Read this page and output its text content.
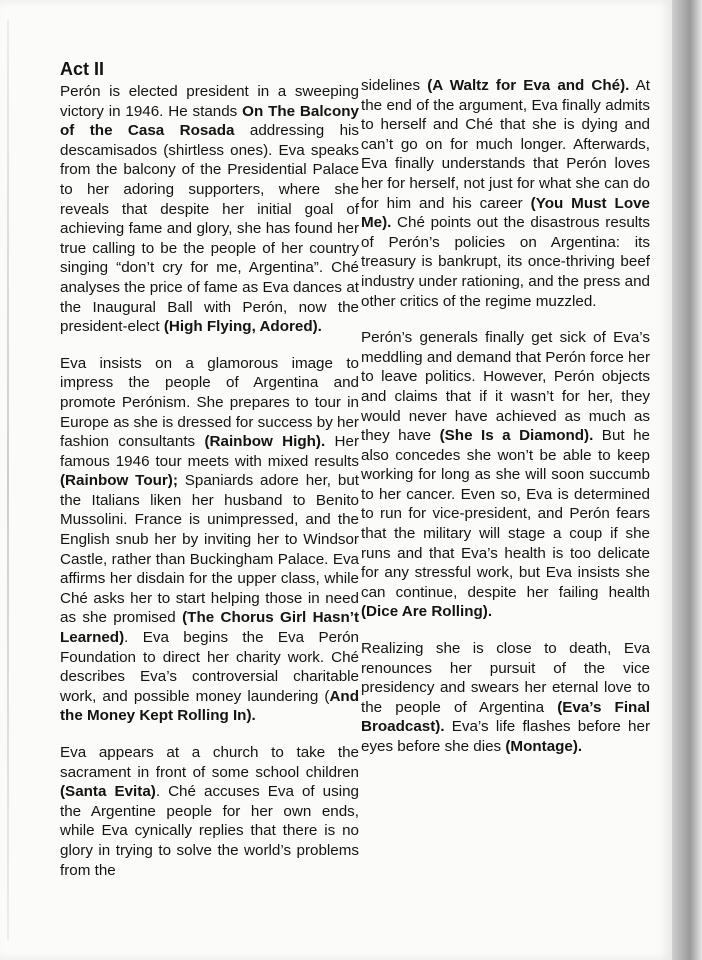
Act II

Perón is elected president in a sweeping victory in 1946. He stands On The Balcony of the Casa Rosada addressing his descamisados (shirtless ones). Eva speaks from the balcony of the Presidential Palace to her adoring supporters, where she reveals that despite her initial goal of achieving fame and glory, she has found her true calling to be the people of her country singing “don’t cry for me, Argentina”. Ché analyses the price of fame as Eva dances at the Inaugural Ball with Perón, now the president-elect (High Flying, Adored).

Eva insists on a glamorous image to impress the people of Argentina and promote Perónism. She prepares to tour in Europe as she is dressed for success by her fashion consultants (Rainbow High). Her famous 1946 tour meets with mixed results (Rainbow Tour); Spaniards adore her, but the Italians liken her husband to Benito Mussolini. France is unimpressed, and the English snub her by inviting her to Windsor Castle, rather than Buckingham Palace. Eva affirms her disdain for the upper class, while Ché asks her to start helping those in need as she promised (The Chorus Girl Hasn’t Learned). Eva begins the Eva Perón Foundation to direct her charity work. Ché describes Eva’s controversial charitable work, and possible money laundering (And the Money Kept Rolling In).

Eva appears at a church to take the sacrament in front of some school children (Santa Evita). Ché accuses Eva of using the Argentine people for her own ends, while Eva cynically replies that there is no glory in trying to solve the world’s problems from the

sidelines (A Waltz for Eva and Ché). At the end of the argument, Eva finally admits to herself and Ché that she is dying and can’t go on for much longer. Afterwards, Eva finally understands that Perón loves her for herself, not just for what she can do for him and his career (You Must Love Me). Ché points out the disastrous results of Perón’s policies on Argentina: its treasury is bankrupt, its once-thriving beef industry under rationing, and the press and other critics of the regime muzzled.

Perón’s generals finally get sick of Eva’s meddling and demand that Perón force her to leave politics. However, Perón objects and claims that if it wasn’t for her, they would never have achieved as much as they have (She Is a Diamond). But he also concedes she won’t be able to keep working for long as she will soon succumb to her cancer. Even so, Eva is determined to run for vice-president, and Perón fears that the military will stage a coup if she runs and that Eva’s health is too delicate for any stressful work, but Eva insists she can continue, despite her failing health (Dice Are Rolling).

Realizing she is close to death, Eva renounces her pursuit of the vice presidency and swears her eternal love to the people of Argentina (Eva’s Final Broadcast). Eva’s life flashes before her eyes before she dies (Montage).
